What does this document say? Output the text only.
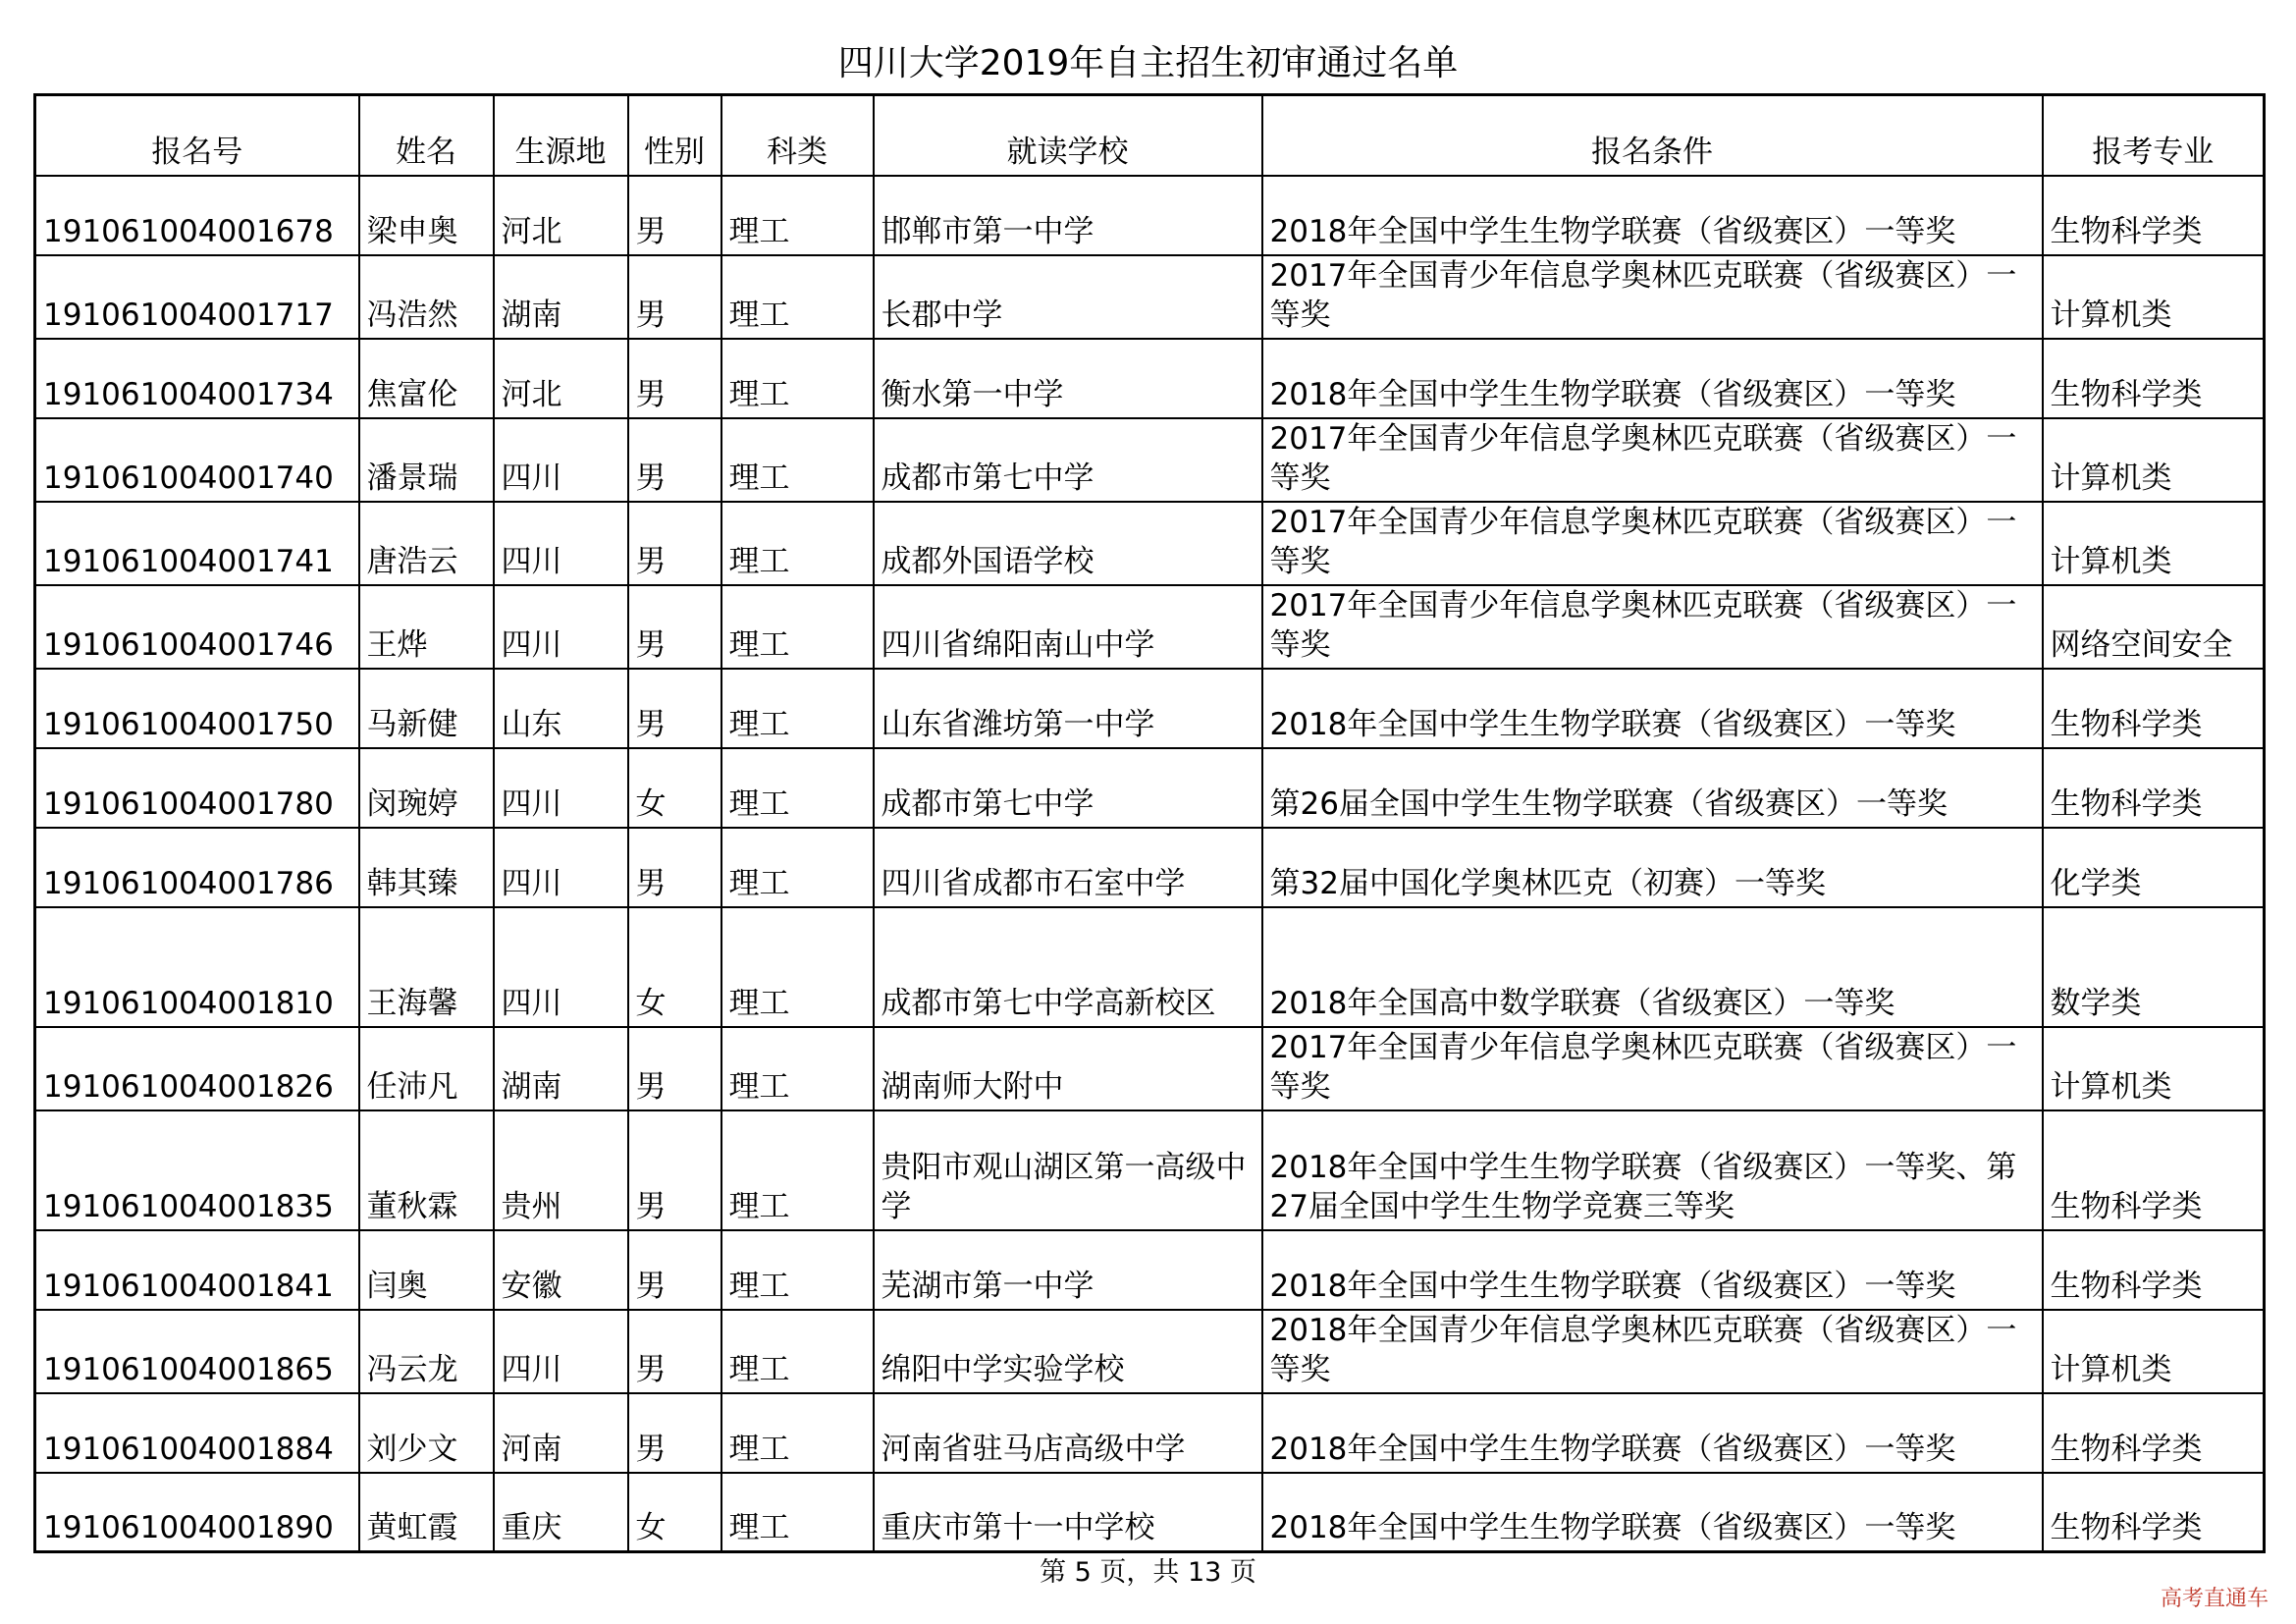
四川大学2019年自主招生初审通过名单
报名号	姓名	生源地	性别	科类	就读学校	报名条件	报考专业
191061004001678	梁申奥	河北	男	理工	邯郸市第一中学	2018年全国中学生生物学联赛（省级赛区）一等奖	生物科学类
191061004001717	冯浩然	湖南	男	理工	长郡中学	2017年全国青少年信息学奥林匹克联赛（省级赛区）一等奖	计算机类
191061004001734	焦富伦	河北	男	理工	衡水第一中学	2018年全国中学生生物学联赛（省级赛区）一等奖	生物科学类
191061004001740	潘景瑞	四川	男	理工	成都市第七中学	2017年全国青少年信息学奥林匹克联赛（省级赛区）一等奖	计算机类
191061004001741	唐浩云	四川	男	理工	成都外国语学校	2017年全国青少年信息学奥林匹克联赛（省级赛区）一等奖	计算机类
191061004001746	王烨	四川	男	理工	四川省绵阳南山中学	2017年全国青少年信息学奥林匹克联赛（省级赛区）一等奖	网络空间安全
191061004001750	马新健	山东	男	理工	山东省潍坊第一中学	2018年全国中学生生物学联赛（省级赛区）一等奖	生物科学类
191061004001780	闵琬婷	四川	女	理工	成都市第七中学	第26届全国中学生生物学联赛（省级赛区）一等奖	生物科学类
191061004001786	韩其臻	四川	男	理工	四川省成都市石室中学	第32届中国化学奥林匹克（初赛）一等奖	化学类
191061004001810	王海馨	四川	女	理工	成都市第七中学高新校区	2018年全国高中数学联赛（省级赛区）一等奖	数学类
191061004001826	任沛凡	湖南	男	理工	湖南师大附中	2017年全国青少年信息学奥林匹克联赛（省级赛区）一等奖	计算机类
191061004001835	董秋霖	贵州	男	理工	贵阳市观山湖区第一高级中学	2018年全国中学生生物学联赛（省级赛区）一等奖、第27届全国中学生生物学竞赛三等奖	生物科学类
191061004001841	闫奥	安徽	男	理工	芜湖市第一中学	2018年全国中学生生物学联赛（省级赛区）一等奖	生物科学类
191061004001865	冯云龙	四川	男	理工	绵阳中学实验学校	2018年全国青少年信息学奥林匹克联赛（省级赛区）一等奖	计算机类
191061004001884	刘少文	河南	男	理工	河南省驻马店高级中学	2018年全国中学生生物学联赛（省级赛区）一等奖	生物科学类
191061004001890	黄虹霞	重庆	女	理工	重庆市第十一中学校	2018年全国中学生生物学联赛（省级赛区）一等奖	生物科学类
第 5 页，共 13 页
高考直通车
